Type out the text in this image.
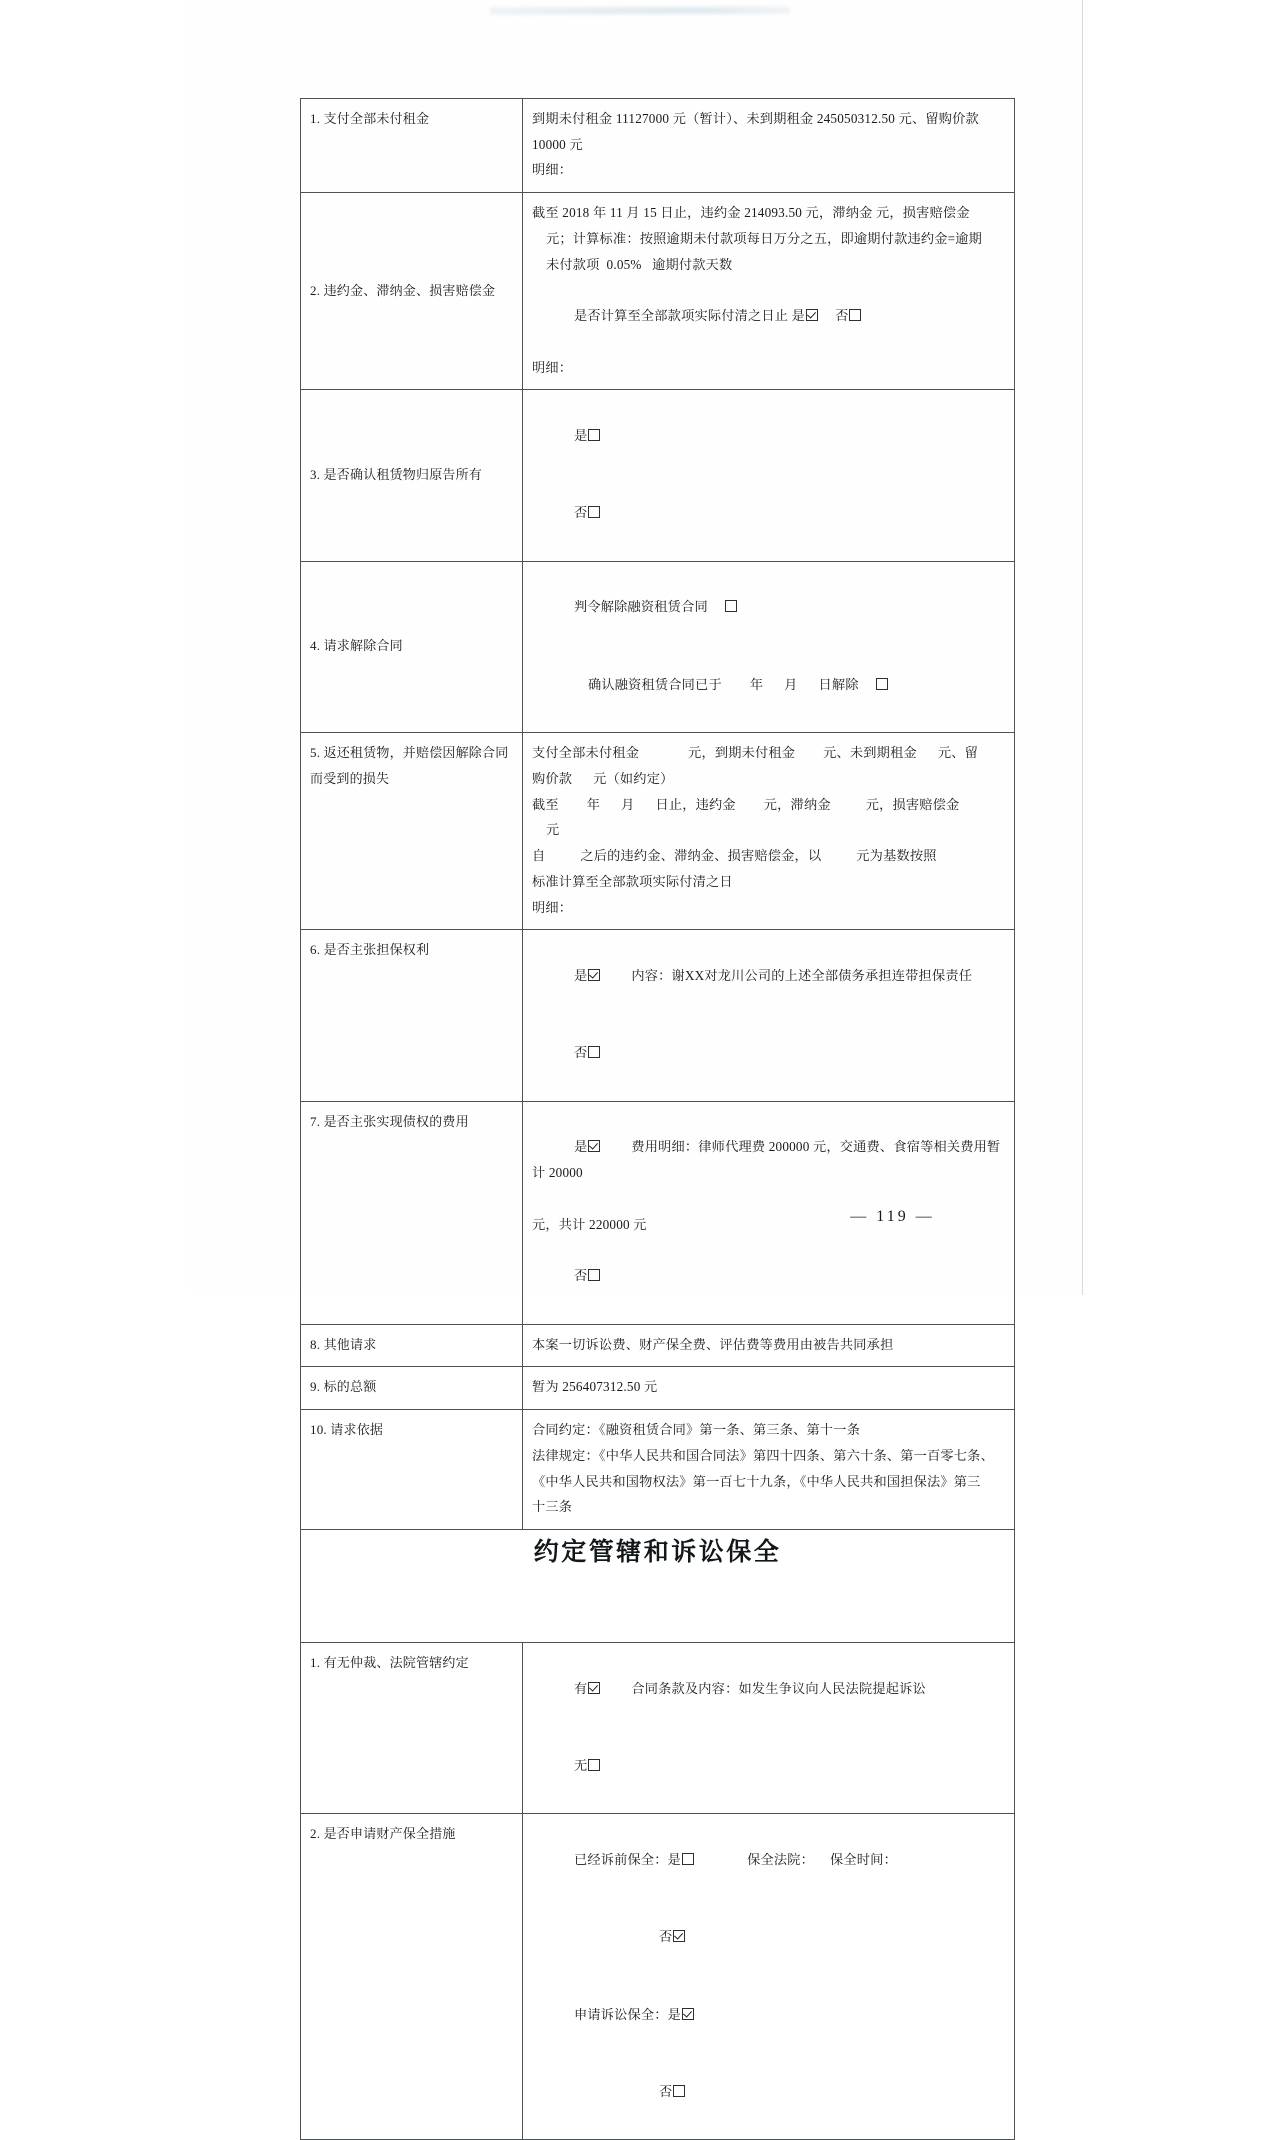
1. 支付全部未付租金	到期未付租金 11127000 元（暂计）、未到期租金 245050312.50 元、留购价款
10000 元
明细：

2. 违约金、滞纳金、损害赔偿金	截至 2018 年 11 月 15 日止，违约金 214093.50 元，滞纳金 元，损害赔偿金
元；计算标准：按照逾期未付款项每日万分之五，即逾期付款违约金=逾期
未付款项  0.05%   逾期付款天数

是否计算至全部款项实际付清之日止 是 否

明细：

3. 是否确认租赁物归原告所有	是

否

4. 请求解除合同	判令解除融资租赁合同

确认融资租赁合同已于        年      月      日解除

5. 返还租赁物，并赔偿因解除合同而受到的损失	
支付全部未付租金              元，到期未付租金        元、未到期租金      元、留
购价款      元（如约定）
截至        年      月      日止，违约金        元，滞纳金          元，损害赔偿金
元
自          之后的违约金、滞纳金、损害赔偿金，以          元为基数按照
标准计算至全部款项实际付清之日
明细：

6. 是否主张担保权利	是 内容：谢XX对龙川公司的上述全部债务承担连带担保责任

否

7. 是否主张实现债权的费用	是 费用明细：律师代理费 200000 元，交通费、食宿等相关费用暂计 20000

元，共计 220000 元

否

8. 其他请求	本案一切诉讼费、财产保全费、评估费等费用由被告共同承担

9. 标的总额	暂为 256407312.50 元

10. 请求依据	合同约定：《融资租赁合同》第一条、第三条、第十一条
法律规定：《中华人民共和国合同法》第四十四条、第六十条、第一百零七条、
《中华人民共和国物权法》第一百七十九条，《中华人民共和国担保法》第三
十三条

约定管辖和诉讼保全	

1. 有无仲裁、法院管辖约定	有 合同条款及内容：如发生争议向人民法院提起诉讼

无

2. 是否申请财产保全措施	已经诉前保全：是 保全法院： 保全时间：

否

申请诉讼保全：是

否

— 119 —
